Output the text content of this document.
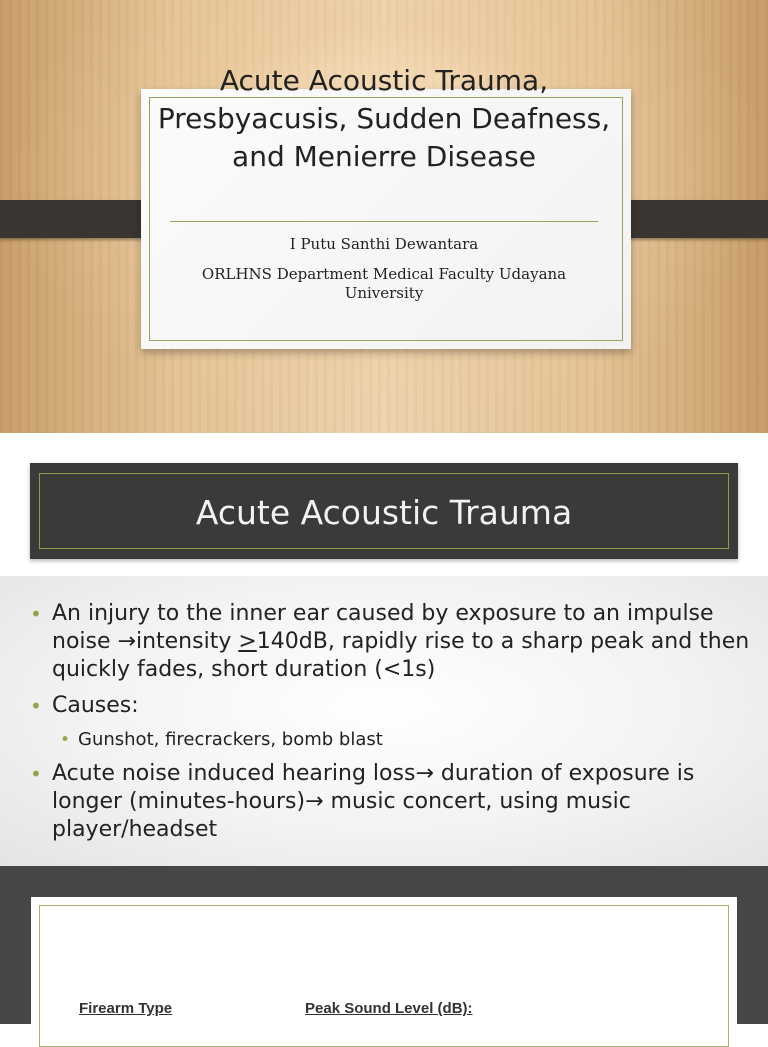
Acute Acoustic Trauma, Presbyacusis, Sudden Deafness, and Menierre Disease
I Putu Santhi Dewantara
ORLHNS Department Medical Faculty Udayana University
Acute Acoustic Trauma
• An injury to the inner ear caused by exposure to an impulse noise →intensity ≥140dB, rapidly rise to a sharp peak and then quickly fades, short duration (<1s)
• Causes:
• Gunshot, firecrackers, bomb blast
• Acute noise induced hearing loss→ duration of exposure is longer (minutes-hours)→ music concert, using music player/headset
Firearm Type	Peak Sound Level (dB):
